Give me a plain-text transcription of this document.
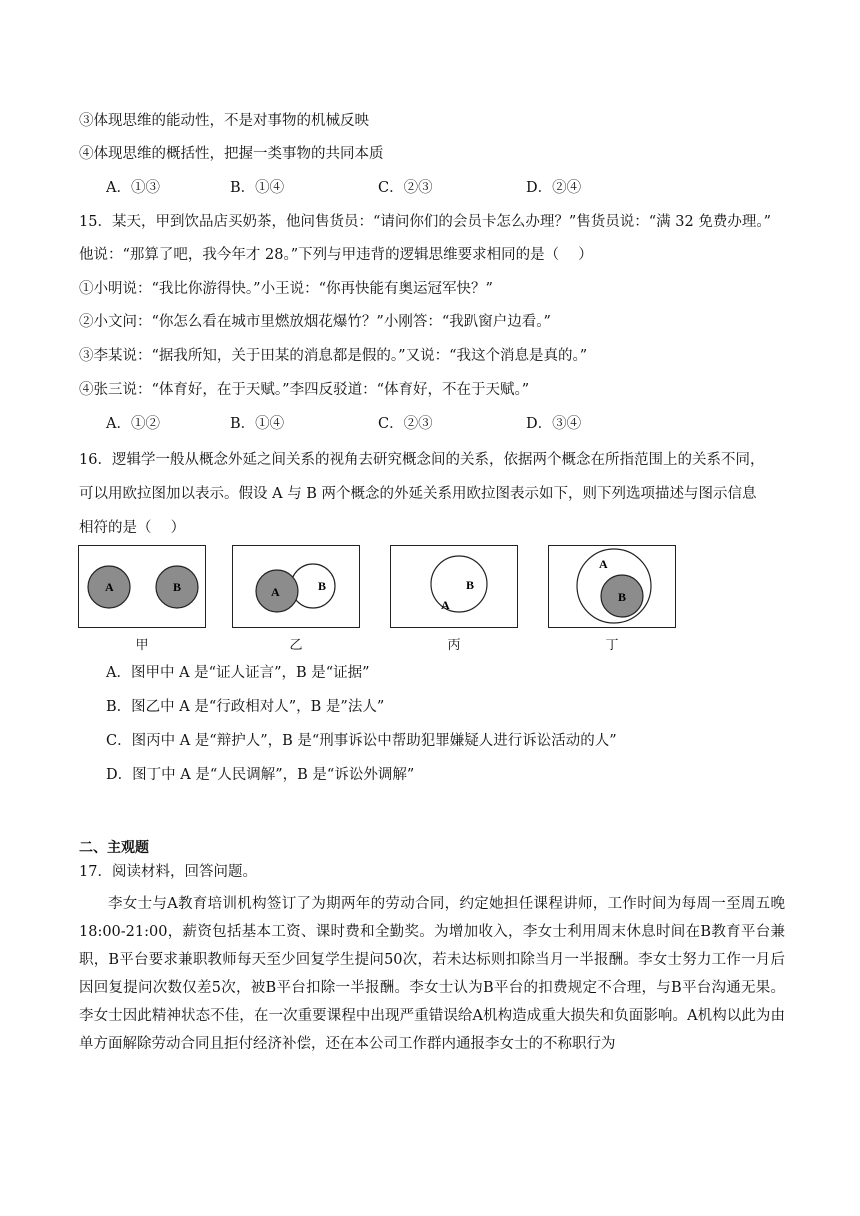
③体现思维的能动性，不是对事物的机械反映
④体现思维的概括性，把握一类事物的共同本质
A．①③	B．①④	C．②③	D．②④
15．某天，甲到饮品店买奶茶，他问售货员：“请问你们的会员卡怎么办理？”售货员说：“满 32 免费办理。”
他说：“那算了吧，我今年才 28。”下列与甲违背的逻辑思维要求相同的是（　 ）
①小明说：“我比你游得快。”小王说：“你再快能有奥运冠军快？”
②小文问：“你怎么看在城市里燃放烟花爆竹？”小刚答：“我趴窗户边看。”
③李某说：“据我所知，关于田某的消息都是假的。”又说：“我这个消息是真的。”
④张三说：“体育好，在于天赋。”李四反驳道：“体育好，不在于天赋。”
A．①②	B．①④	C．②③	D．③④
16．逻辑学一般从概念外延之间关系的视角去研究概念间的关系，依据两个概念在所指范围上的关系不同，
可以用欧拉图加以表示。假设 A 与 B 两个概念的外延关系用欧拉图表示如下，则下列选项描述与图示信息
相符的是（　 ）
A	B
甲
A	B
乙
B
A
丙
A
B
丁
A．图甲中 A 是“证人证言”，B 是“证据”
B．图乙中 A 是“行政相对人”，B 是”法人”
C．图丙中 A 是“辩护人”，B 是“刑事诉讼中帮助犯罪嫌疑人进行诉讼活动的人”
D．图丁中 A 是“人民调解”，B 是“诉讼外调解”
二、主观题
17．阅读材料，回答问题。
李女士与A教育培训机构签订了为期两年的劳动合同，约定她担任课程讲师，工作时间为每周一至周五晚18:00-21:00，薪资包括基本工资、课时费和全勤奖。为增加收入，李女士利用周末休息时间在B教育平台兼职，B平台要求兼职教师每天至少回复学生提问50次，若未达标则扣除当月一半报酬。李女士努力工作一月后因回复提问次数仅差5次，被B平台扣除一半报酬。李女士认为B平台的扣费规定不合理，与B平台沟通无果。李女士因此精神状态不佳，在一次重要课程中出现严重错误给A机构造成重大损失和负面影响。A机构以此为由单方面解除劳动合同且拒付经济补偿，还在本公司工作群内通报李女士的不称职行为
